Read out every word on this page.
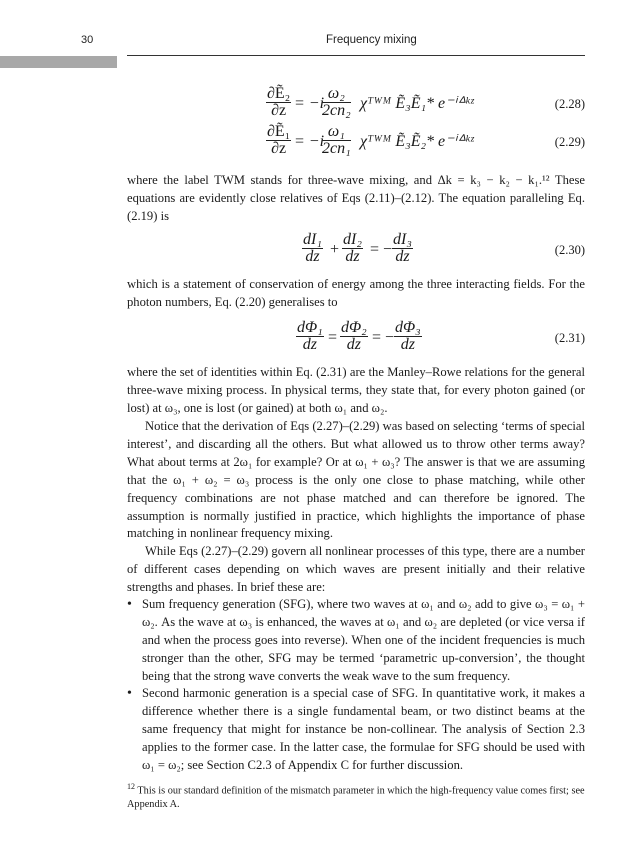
30	Frequency mixing
$\frac{\text{∂Ẽ₂}}{\partial z} = -i$
$\frac{\text{ω₂}}{\text{2cn₂}}$ χᵀᵂᴹ Ẽ₃Ẽ₁* e⁻ⁱᐞᵏᶻ	(2.28)
$\frac{\text{∂Ẽ₁}}{\partial z} = -i$
$\frac{\text{ω₁}}{\text{2cn₁}}$ χᵀᵂᴹ Ẽ₃Ẽ₂* e⁻ⁱᐞᵏᶻ	(2.29)

where the label TWM stands for three-wave mixing, and Δk = k₃ − k₂ − k₁.¹² These equations are evidently close relatives of Eqs (2.11)–(2.12). The equation paralleling Eq. (2.19) is

$\frac{\text{dI₁}}{dz} + \frac{\text{dI₂}}{dz}$ = − $\frac{\text{dI₃}}{dz}$	(2.30)

which is a statement of conservation of energy among the three interacting fields. For the photon numbers, Eq. (2.20) generalises to

$\frac{\text{dΦ₁}}{dz} = \frac{\text{dΦ₂}}{dz}$ = − $\frac{\text{dΦ₃}}{dz}$	(2.31)

where the set of identities within Eq. (2.31) are the Manley–Rowe relations for the general three-wave mixing process. In physical terms, they state that, for every photon gained (or lost) at ω₃, one is lost (or gained) at both ω₁ and ω₂.

Notice that the derivation of Eqs (2.27)–(2.29) was based on selecting ‘terms of special interest’, and discarding all the others. But what allowed us to throw other terms away? What about terms at 2ω₁ for example? Or at ω₁ + ω₃? The answer is that we are assuming that the ω₁ + ω₂ = ω₃ process is the only one close to phase matching, while other frequency combinations are not phase matched and can therefore be ignored. The assumption is normally justified in practice, which highlights the importance of phase matching in nonlinear frequency mixing.

While Eqs (2.27)–(2.29) govern all nonlinear processes of this type, there are a number of different cases depending on which waves are present initially and their relative strengths and phases. In brief these are:

• Sum frequency generation (SFG), where two waves at ω₁ and ω₂ add to give ω₃ = ω₁ + ω₂. As the wave at ω₃ is enhanced, the waves at ω₁ and ω₂ are depleted (or vice versa if and when the process goes into reverse). When one of the incident frequencies is much stronger than the other, SFG may be termed ‘parametric up-conversion’, the thought being that the strong wave converts the weak wave to the sum frequency.
• Second harmonic generation is a special case of SFG. In quantitative work, it makes a difference whether there is a single fundamental beam, or two distinct beams at the same frequency that might for instance be non-collinear. The analysis of Section 2.3 applies to the former case. In the latter case, the formulae for SFG should be used with ω₁ = ω₂; see Section C2.3 of Appendix C for further discussion.
$^{12}$ This is our standard definition of the mismatch parameter in which the high-frequency value comes first; see Appendix A.
